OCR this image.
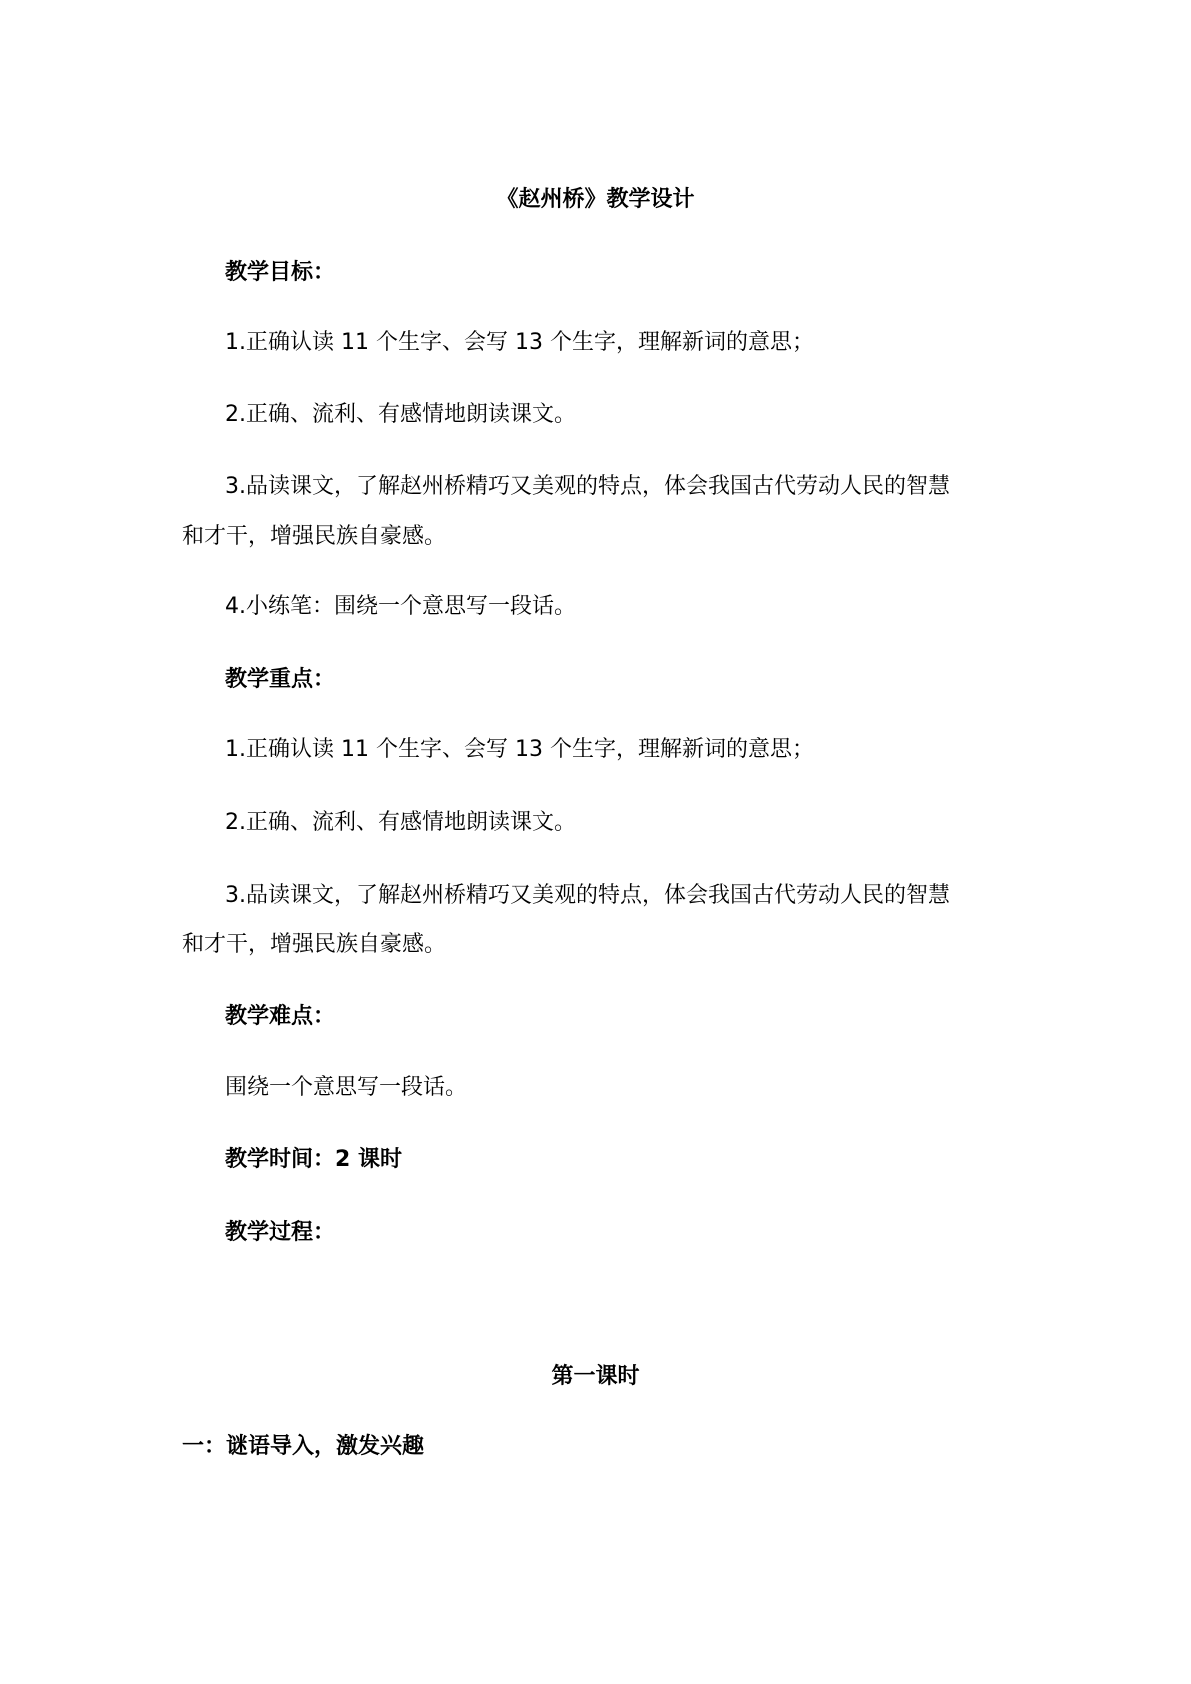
《赵州桥》教学设计
教学目标：
1.正确认读 11 个生字、会写 13 个生字，理解新词的意思；
2.正确、流利、有感情地朗读课文。
3.品读课文，了解赵州桥精巧又美观的特点，体会我国古代劳动人民的智慧
和才干，增强民族自豪感。
4.小练笔：围绕一个意思写一段话。
教学重点：
1.正确认读 11 个生字、会写 13 个生字，理解新词的意思；
2.正确、流利、有感情地朗读课文。
3.品读课文，了解赵州桥精巧又美观的特点，体会我国古代劳动人民的智慧
和才干，增强民族自豪感。
教学难点：
围绕一个意思写一段话。
教学时间：2 课时
教学过程：
第一课时
一：谜语导入，激发兴趣
